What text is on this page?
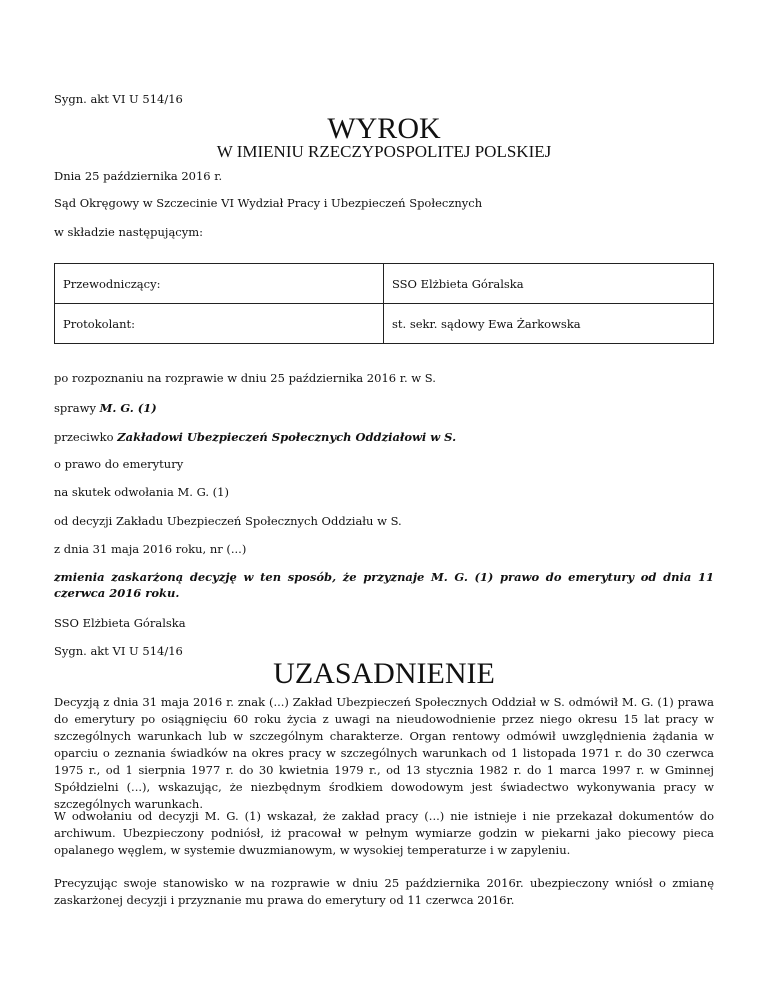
Sygn. akt VI U 514/16
WYROK
W IMIENIU RZECZYPOSPOLITEJ POLSKIEJ
Dnia 25 października 2016 r.
Sąd Okręgowy w Szczecinie VI Wydział Pracy i Ubezpieczeń Społecznych
w składzie następującym:
Przewodniczący:	SSO Elżbieta Góralska
Protokolant:	st. sekr. sądowy Ewa Żarkowska
po rozpoznaniu na rozprawie w dniu 25 października 2016 r. w S.
sprawy M. G. (1)
przeciwko Zakładowi Ubezpieczeń Społecznych Oddziałowi w S.
o prawo do emerytury
na skutek odwołania M. G. (1)
od decyzji Zakładu Ubezpieczeń Społecznych Oddziału w S.
z dnia 31 maja 2016 roku, nr (...)
zmienia zaskarżoną decyzję w ten sposób, że przyznaje M. G. (1) prawo do emerytury od dnia 11 czerwca 2016 roku.
SSO Elżbieta Góralska
Sygn. akt VI U 514/16
UZASADNIENIE
Decyzją z dnia 31 maja 2016 r. znak (...) Zakład Ubezpieczeń Społecznych Oddział w S. odmówił M. G. (1) prawa do emerytury po osiągnięciu 60 roku życia z uwagi na nieudowodnienie przez niego okresu 15 lat pracy w szczególnych warunkach lub w szczególnym charakterze. Organ rentowy odmówił uwzględnienia żądania w oparciu o zeznania świadków na okres pracy w szczególnych warunkach od 1 listopada 1971 r. do 30 czerwca 1975 r., od 1 sierpnia 1977 r. do 30 kwietnia 1979 r., od 13 stycznia 1982 r. do 1 marca 1997 r. w Gminnej Spółdzielni (...), wskazując, że niezbędnym środkiem dowodowym jest świadectwo wykonywania pracy w szczególnych warunkach.
W odwołaniu od decyzji M. G. (1) wskazał, że zakład pracy (...) nie istnieje i nie przekazał dokumentów do archiwum. Ubezpieczony podniósł, iż pracował w pełnym wymiarze godzin w piekarni jako piecowy pieca opalanego węglem, w systemie dwuzmianowym, w wysokiej temperaturze i w zapyleniu.
Precyzując swoje stanowisko w na rozprawie w dniu 25 października 2016r. ubezpieczony wniósł o zmianę zaskarżonej decyzji i przyznanie mu prawa do emerytury od 11 czerwca 2016r.
